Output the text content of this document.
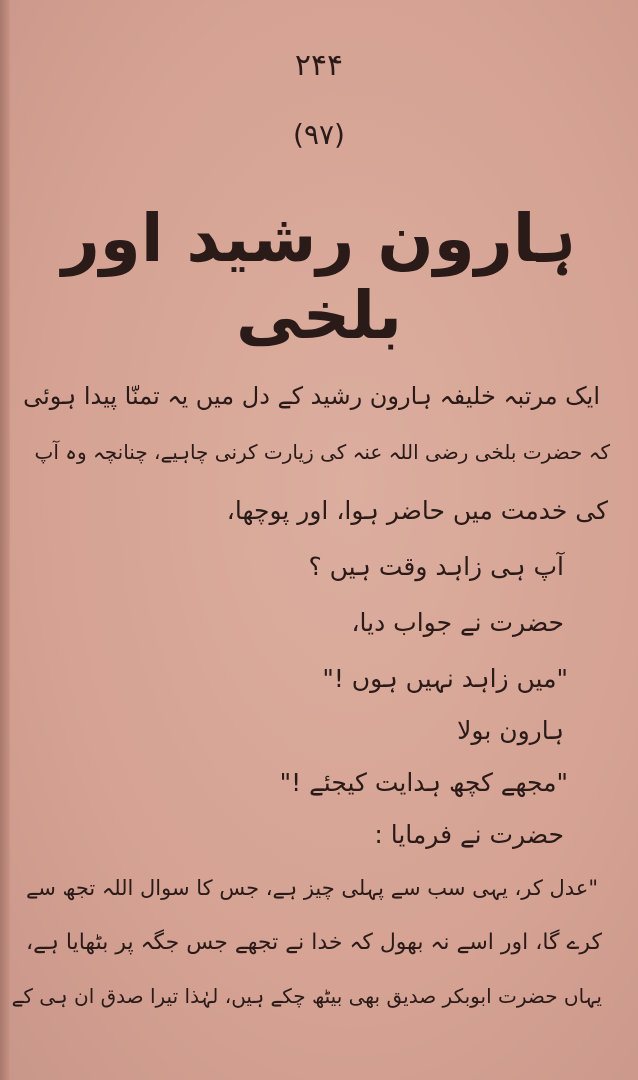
۲۴۴
(۹۷)
ہارون رشید اور بلخی
ایک مرتبہ خلیفہ ہارون رشید کے دل میں یہ تمنّا پیدا ہوئی
کہ حضرت بلخی رضی اللہ عنہ کی زیارت کرنی چاہیے، چنانچہ وہ آپ
کی خدمت میں حاضر ہوا، اور پوچھا،
آپ ہی زاہد وقت ہیں ؟
حضرت نے جواب دیا،
"میں زاہد نہیں ہوں !"
ہارون بولا
"مجھے کچھ ہدایت کیجئے !"
حضرت نے فرمایا :
"عدل کر، یہی سب سے پہلی چیز ہے، جس کا سوال اللہ تجھ سے
کرے گا، اور اسے نہ بھول کہ خدا نے تجھے جس جگہ پر بٹھایا ہے،
یہاں حضرت ابوبکر صدیق بھی بیٹھ چکے ہیں، لہٰذا تیرا صدق ان ہی کے
